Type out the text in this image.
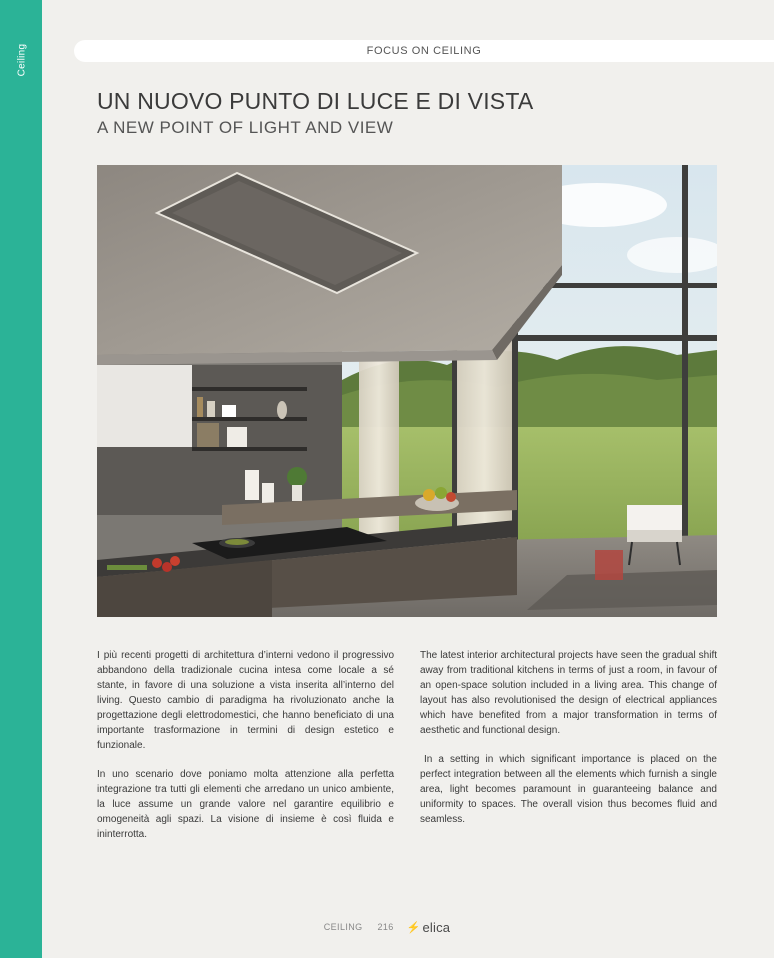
Ceiling	FOCUS ON CEILING
UN NUOVO PUNTO DI LUCE E DI VISTA
A NEW POINT OF LIGHT AND VIEW

I più recenti progetti di architettura d’interni vedono il progressivo abbandono della tradizionale cucina intesa come locale a sé stante, in favore di una soluzione a vista inserita all’interno del living. Questo cambio di paradigma ha rivoluzionato anche la progettazione degli elettrodomestici, che hanno beneficiato di una importante trasformazione in termini di design estetico e funzionale.

In uno scenario dove poniamo molta attenzione alla perfetta integrazione tra tutti gli elementi che arredano un unico ambiente, la luce assume un grande valore nel garantire equilibrio e omogeneità agli spazi. La visione di insieme è così fluida e ininterrotta.

The latest interior architectural projects have seen the gradual shift away from traditional kitchens in terms of just a room, in favour of an open-space solution included in a living area. This change of layout has also revolutionised the design of electrical appliances which have benefited from a major transformation in terms of aesthetic and functional design.

In a setting in which significant importance is placed on the perfect integration between all the elements which furnish a single area, light becomes paramount in guaranteeing balance and uniformity to spaces. The overall vision thus becomes fluid and seamless.

CEILING 216 ⚡ elica
